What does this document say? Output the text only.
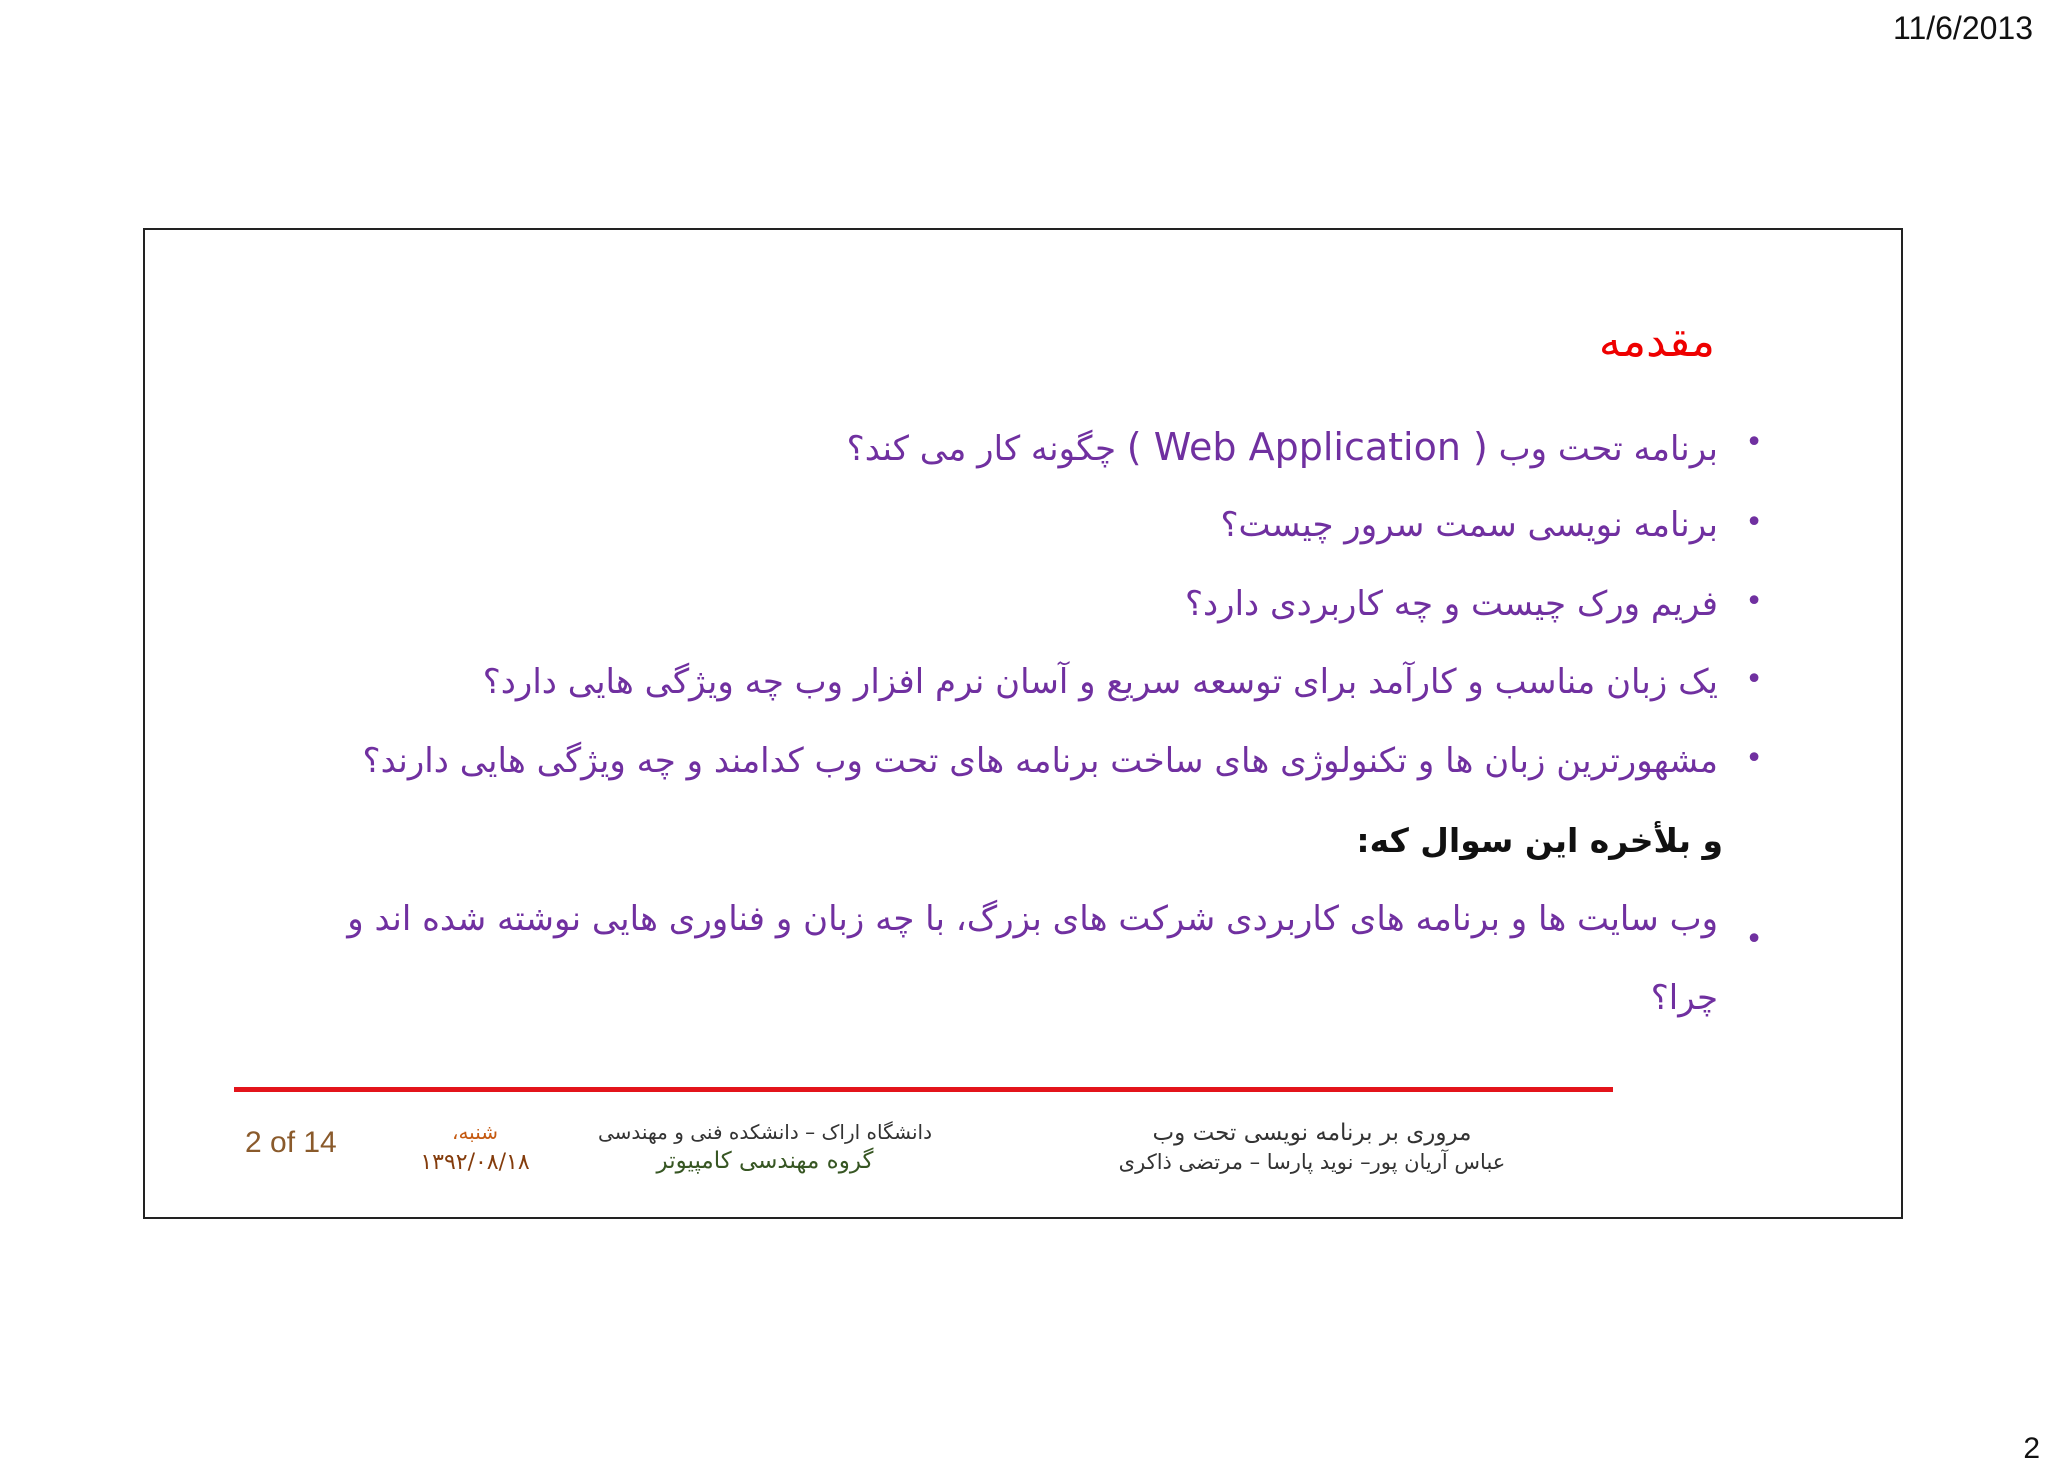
11/6/2013
مقدمه
•
برنامه تحت وب ( Web Application ) چگونه کار می کند؟
•
برنامه نویسی سمت سرور چیست؟
•
فریم ورک چیست و چه کاربردی دارد؟
•
یک زبان مناسب و کارآمد برای توسعه سریع و آسان نرم افزار وب چه ویژگی هایی دارد؟
•
مشهورترین زبان ها و تکنولوژی های ساخت برنامه های تحت وب کدامند و چه ویژگی هایی دارند؟
و بلأخره این سوال که:
•
وب سایت ها و برنامه های کاربردی شرکت های بزرگ، با چه زبان و فناوری هایی نوشته شده اند و چرا؟
مروری بر برنامه نویسی تحت وب
عباس آریان پور– نوید پارسا – مرتضی ذاکری
دانشگاه اراک – دانشکده فنی و مهندسی
گروه مهندسی کامپیوتر
شنبه،
۱۳۹۲/۰۸/۱۸
2 of 14
2
